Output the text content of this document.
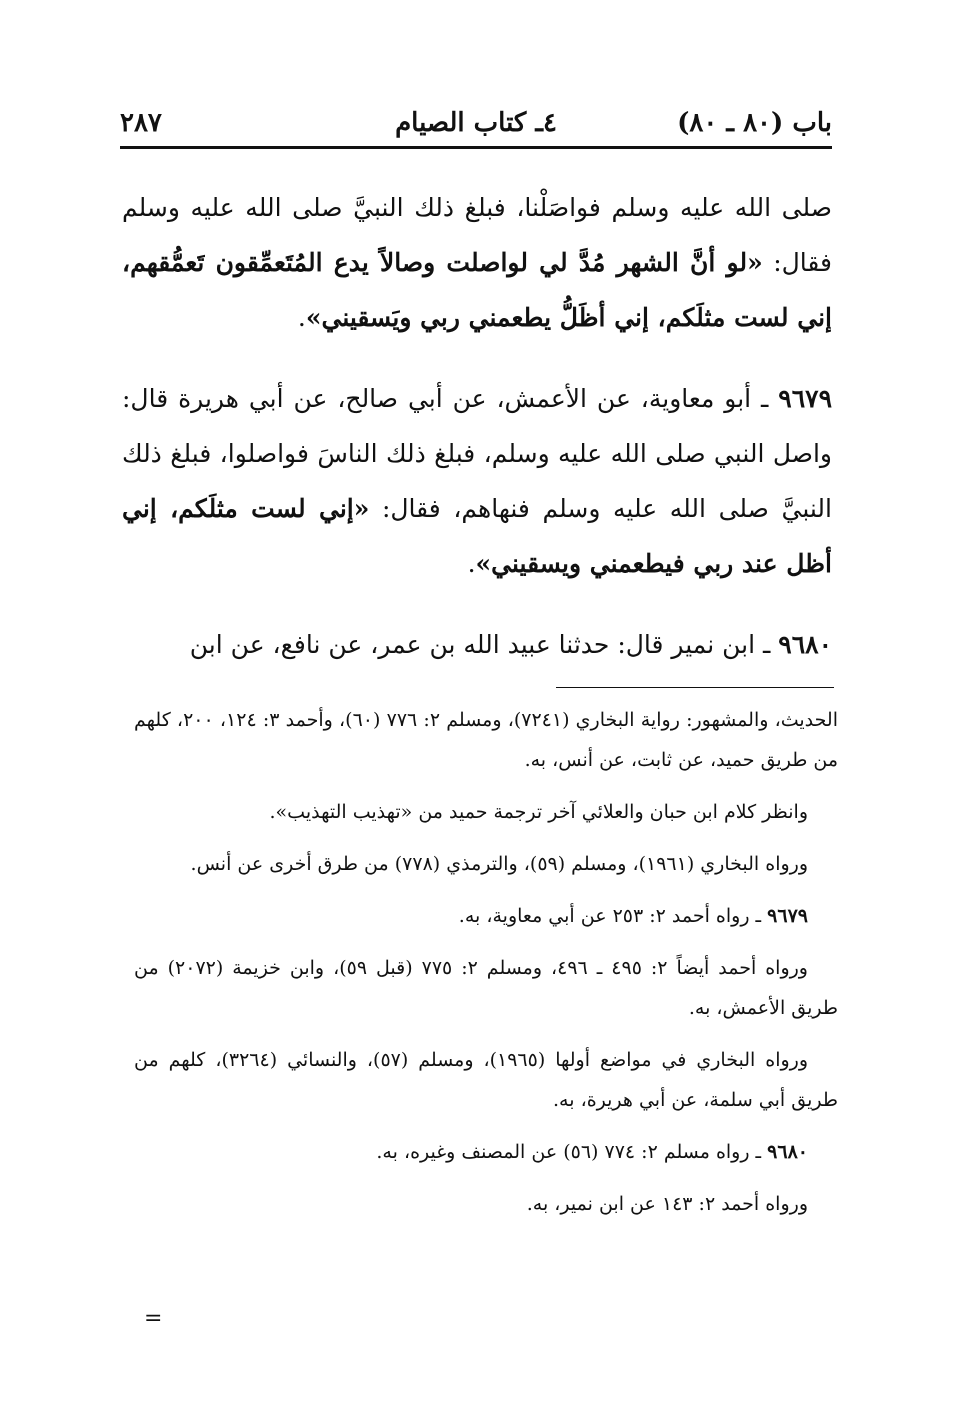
باب (٨٠ ـ ٨٠)
٤ـ كتاب الصيام
٢٨٧

صلى الله عليه وسلم فواصَلْنا، فبلغ ذلك النبيَّ صلى الله عليه وسلم فقال: «لو أنَّ الشهر مُدَّ لي لواصلت وصالاً يدع المُتَعمِّقون تَعمُّقهم، إني لست مثلَكم، إني أظَلُّ يطعمني ربي ويَسقيني».

٩٦٧٩ ـ أبو معاوية، عن الأعمش، عن أبي صالح، عن أبي هريرة قال: واصل النبي صلى الله عليه وسلم، فبلغ ذلك الناسَ فواصلوا، فبلغ ذلك النبيَّ صلى الله عليه وسلم فنهاهم، فقال: «إني لست مثلَكم، إني أظل عند ربي فيطعمني ويسقيني».

٩٦٨٠ ـ ابن نمير قال: حدثنا عبيد الله بن عمر، عن نافع، عن ابن

الحديث، والمشهور: رواية البخاري (٧٢٤١)، ومسلم ٢: ٧٧٦ (٦٠)، وأحمد ٣: ١٢٤، ٢٠٠، كلهم من طريق حميد، عن ثابت، عن أنس، به.

وانظر كلام ابن حبان والعلائي آخر ترجمة حميد من «تهذيب التهذيب».

ورواه البخاري (١٩٦١)، ومسلم (٥٩)، والترمذي (٧٧٨) من طرق أخرى عن أنس.

٩٦٧٩ ـ رواه أحمد ٢: ٢٥٣ عن أبي معاوية، به.

ورواه أحمد أيضاً ٢: ٤٩٥ ـ ٤٩٦، ومسلم ٢: ٧٧٥ (قبل ٥٩)، وابن خزيمة (٢٠٧٢) من طريق الأعمش، به.

ورواه البخاري في مواضع أولها (١٩٦٥)، ومسلم (٥٧)، والنسائي (٣٢٦٤)، كلهم من طريق أبي سلمة، عن أبي هريرة، به.

٩٦٨٠ ـ رواه مسلم ٢: ٧٧٤ (٥٦) عن المصنف وغيره، به.

ورواه أحمد ٢: ١٤٣ عن ابن نمير، به.

=
